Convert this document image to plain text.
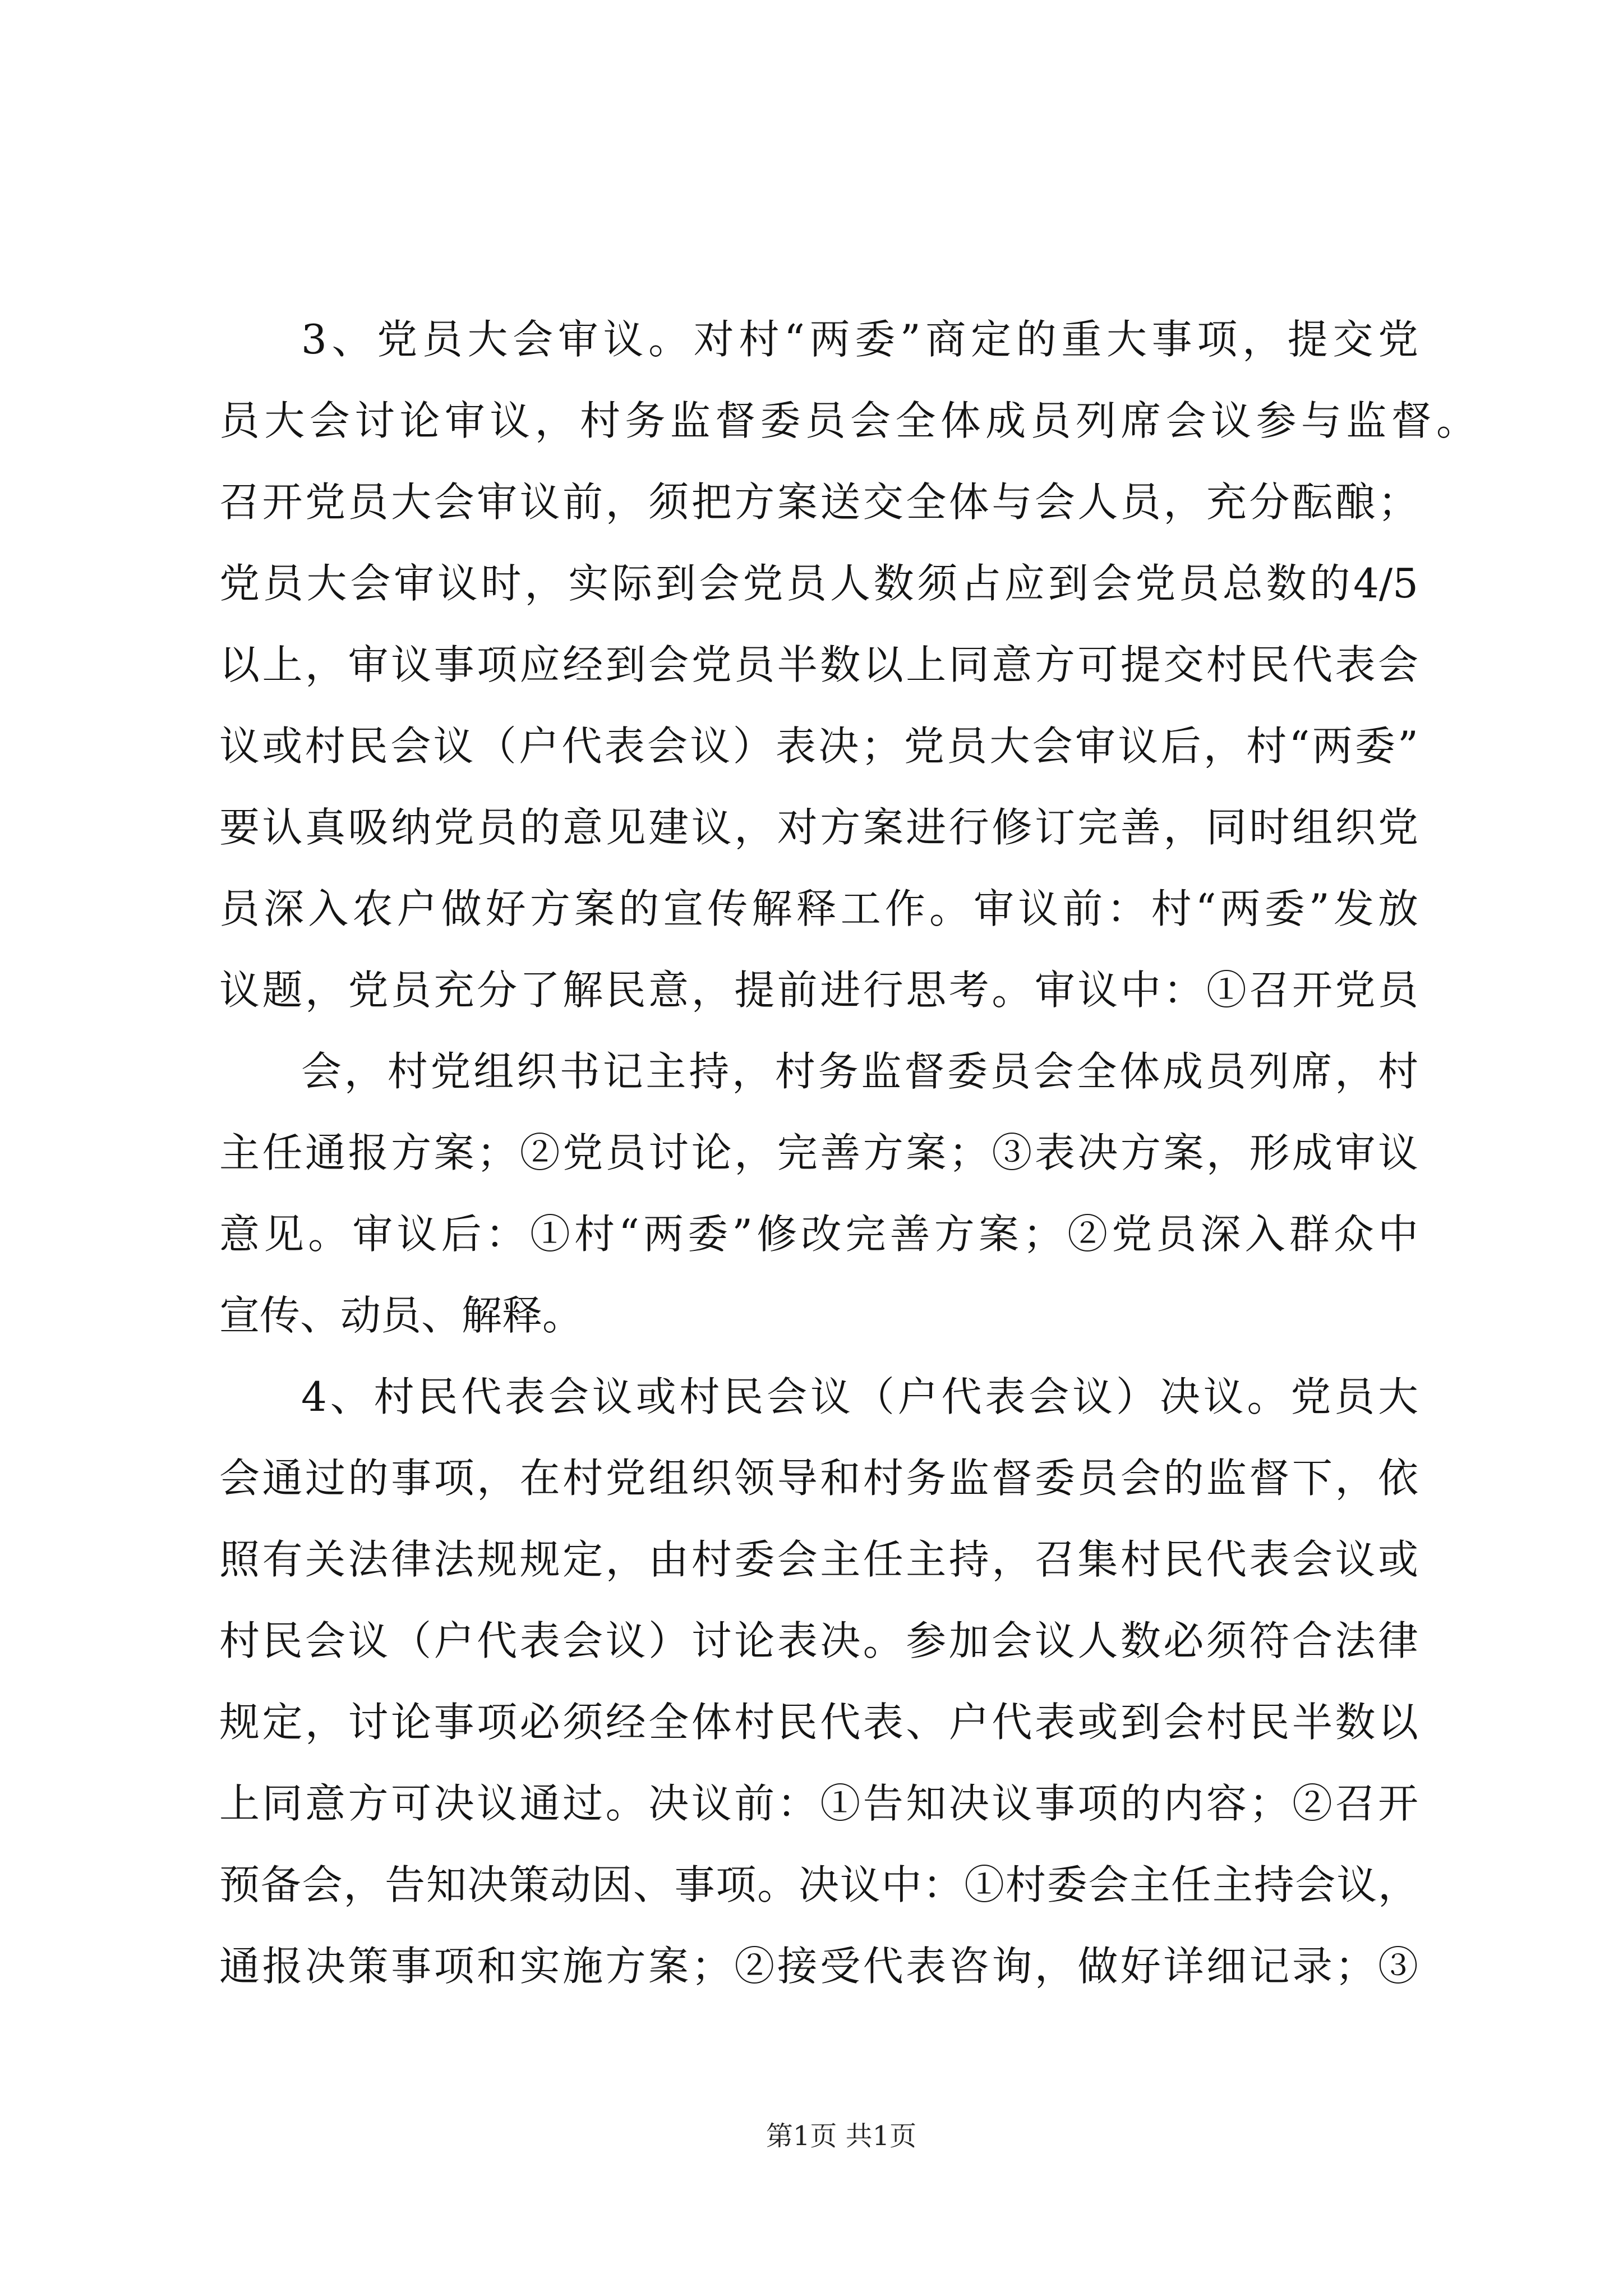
3、党员大会审议。对村“两委”商定的重大事项，提交党
员大会讨论审议，村务监督委员会全体成员列席会议参与监督。
召开党员大会审议前，须把方案送交全体与会人员，充分酝酿；
党员大会审议时，实际到会党员人数须占应到会党员总数的4/5
以上，审议事项应经到会党员半数以上同意方可提交村民代表会
议或村民会议（户代表会议）表决；党员大会审议后，村“两委”
要认真吸纳党员的意见建议，对方案进行修订完善，同时组织党
员深入农户做好方案的宣传解释工作。审议前：村“两委”发放
议题，党员充分了解民意，提前进行思考。审议中：①召开党员
会，村党组织书记主持，村务监督委员会全体成员列席，村
主任通报方案；②党员讨论，完善方案；③表决方案，形成审议
意见。审议后：①村“两委”修改完善方案；②党员深入群众中
宣传、动员、解释。
4、村民代表会议或村民会议（户代表会议）决议。党员大
会通过的事项，在村党组织领导和村务监督委员会的监督下，依
照有关法律法规规定，由村委会主任主持，召集村民代表会议或
村民会议（户代表会议）讨论表决。参加会议人数必须符合法律
规定，讨论事项必须经全体村民代表、户代表或到会村民半数以
上同意方可决议通过。决议前：①告知决议事项的内容；②召开
预备会，告知决策动因、事项。决议中：①村委会主任主持会议，
通报决策事项和实施方案；②接受代表咨询，做好详细记录；③
第1页 共1页
